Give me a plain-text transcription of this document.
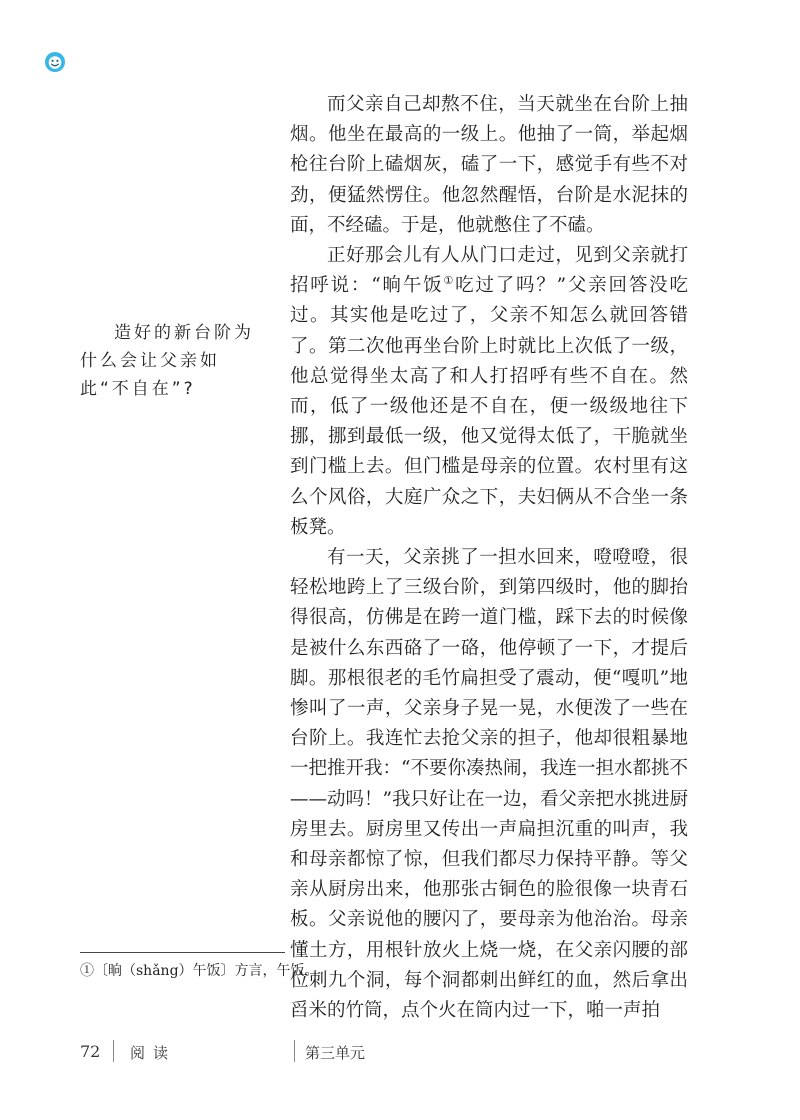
造好的新台阶为什么会让父亲如此“不自在”?

而父亲自己却熬不住，当天就坐在台阶上抽烟。他坐在最高的一级上。他抽了一筒，举起烟枪往台阶上磕烟灰，磕了一下，感觉手有些不对劲，便猛然愣住。他忽然醒悟，台阶是水泥抹的面，不经磕。于是，他就憋住了不磕。

正好那会儿有人从门口走过，见到父亲就打招呼说：“晌午饭①吃过了吗？”父亲回答没吃过。其实他是吃过了，父亲不知怎么就回答错了。第二次他再坐台阶上时就比上次低了一级，他总觉得坐太高了和人打招呼有些不自在。然而，低了一级他还是不自在，便一级级地往下挪，挪到最低一级，他又觉得太低了，干脆就坐到门槛上去。但门槛是母亲的位置。农村里有这么个风俗，大庭广众之下，夫妇俩从不合坐一条板凳。

有一天，父亲挑了一担水回来，噔噔噔，很轻松地跨上了三级台阶，到第四级时，他的脚抬得很高，仿佛是在跨一道门槛，踩下去的时候像是被什么东西硌了一硌，他停顿了一下，才提后脚。那根很老的毛竹扁担受了震动，便“嘎叽”地惨叫了一声，父亲身子晃一晃，水便泼了一些在台阶上。我连忙去抢父亲的担子，他却很粗暴地一把推开我：“不要你凑热闹，我连一担水都挑不——动吗！”我只好让在一边，看父亲把水挑进厨房里去。厨房里又传出一声扁担沉重的叫声，我和母亲都惊了惊，但我们都尽力保持平静。等父亲从厨房出来，他那张古铜色的脸很像一块青石板。父亲说他的腰闪了，要母亲为他治治。母亲懂土方，用根针放火上烧一烧，在父亲闪腰的部位刺九个洞，每个洞都刺出鲜红的血，然后拿出舀米的竹筒，点个火在筒内过一下，啪一声拍

①〔晌（shǎng）午饭〕方言，午饭。
72 阅读	第三单元
